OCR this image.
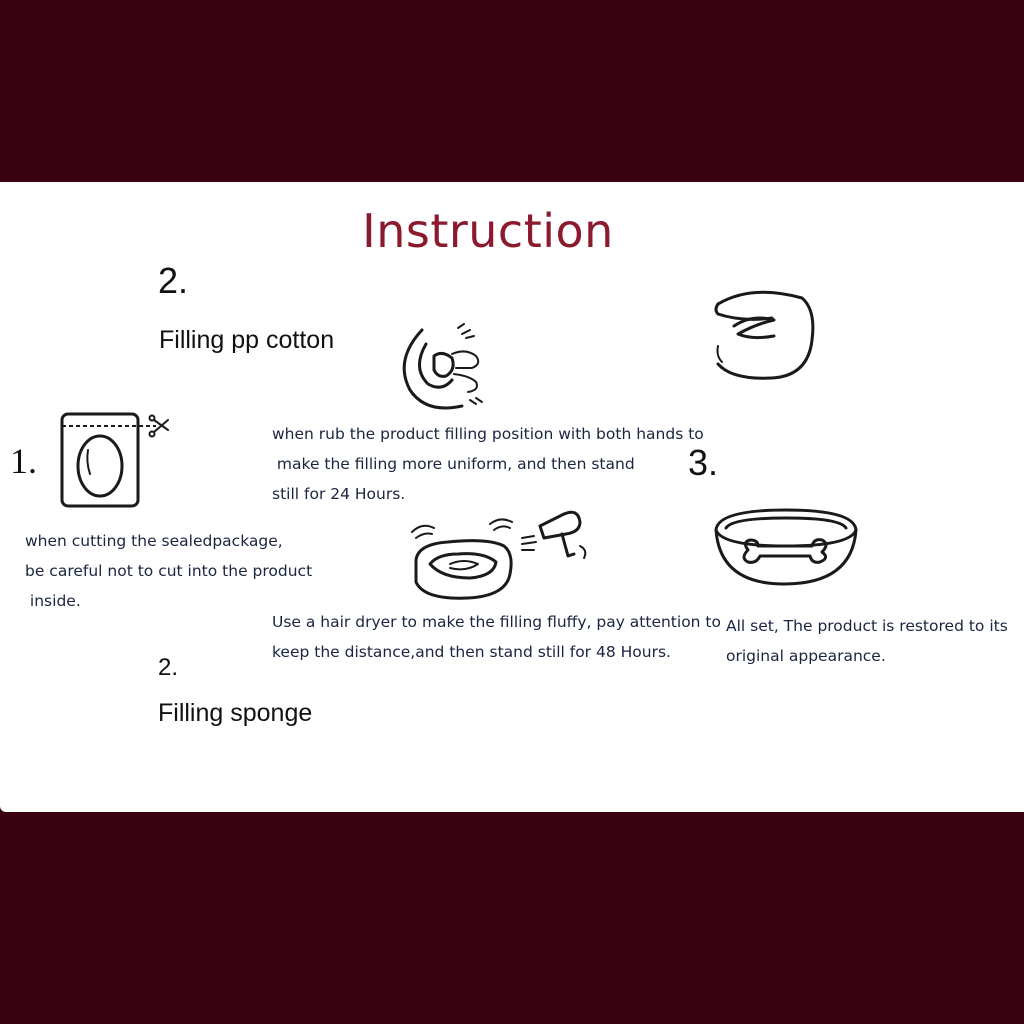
Instruction
2.
Filling pp cotton
1.
when cutting the sealedpackage,
be careful not to cut into the product
inside.
when rub the product filling position with both hands to
make the filling more uniform, and then stand
still for 24 Hours.
3.
Use a hair dryer to make the filling fluffy, pay attention to
keep the distance,and then stand still for 48 Hours.
All set, The product is restored to its
original appearance.
2.
Filling sponge
